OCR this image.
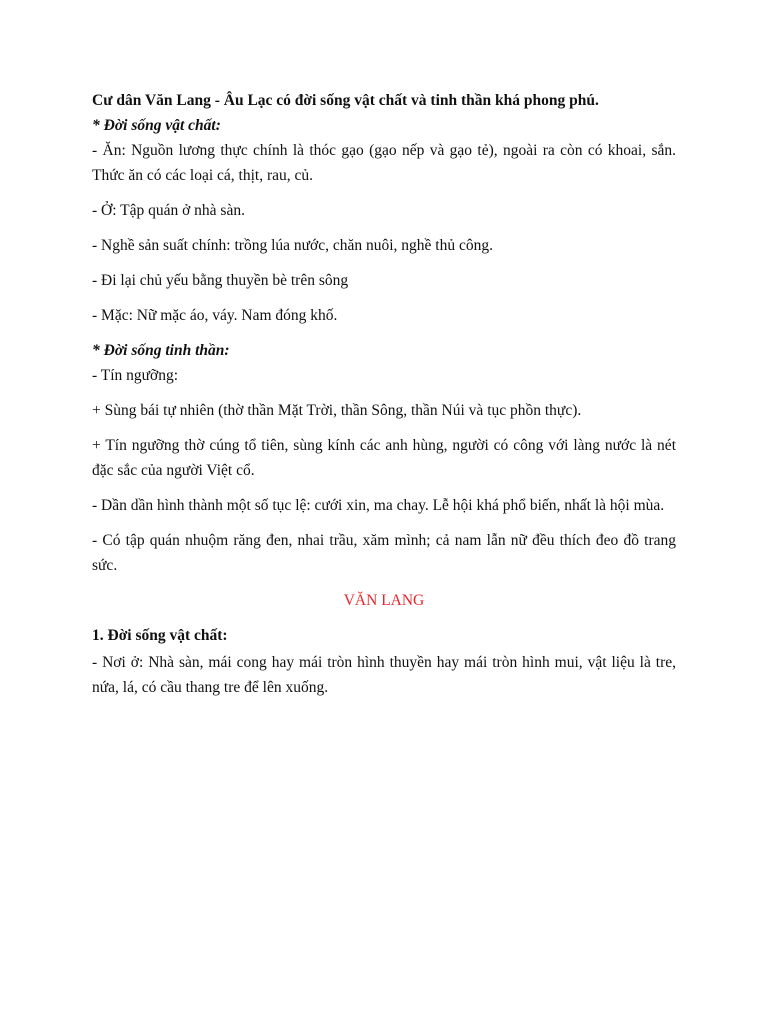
Cư dân Văn Lang - Âu Lạc có đời sống vật chất và tinh thần khá phong phú.

* Đời sống vật chất:

- Ăn: Nguồn lương thực chính là thóc gạo (gạo nếp và gạo tẻ), ngoài ra còn có khoai, sắn. Thức ăn có các loại cá, thịt, rau, củ.

- Ở: Tập quán ở nhà sàn.

- Nghề sản suất chính: trồng lúa nước, chăn nuôi, nghề thủ công.

- Đi lại chủ yếu bằng thuyền bè trên sông

- Mặc: Nữ mặc áo, váy. Nam đóng khố.

* Đời sống tinh thần:

- Tín ngưỡng:

+ Sùng bái tự nhiên (thờ thần Mặt Trời, thần Sông, thần Núi và tục phồn thực).

+ Tín ngưỡng thờ cúng tổ tiên, sùng kính các anh hùng, người có công với làng nước là nét đặc sắc của người Việt cổ.

- Dần dần hình thành một số tục lệ: cưới xin, ma chay. Lễ hội khá phổ biến, nhất là hội mùa.

- Có tập quán nhuộm răng đen, nhai trầu, xăm mình; cả nam lẫn nữ đều thích đeo đồ trang sức.

VĂN LANG

1. Đời sống vật chất:

- Nơi ở: Nhà sàn, mái cong hay mái tròn hình thuyền hay mái tròn hình mui, vật liệu là tre, nứa, lá, có cầu thang tre để lên xuống.
